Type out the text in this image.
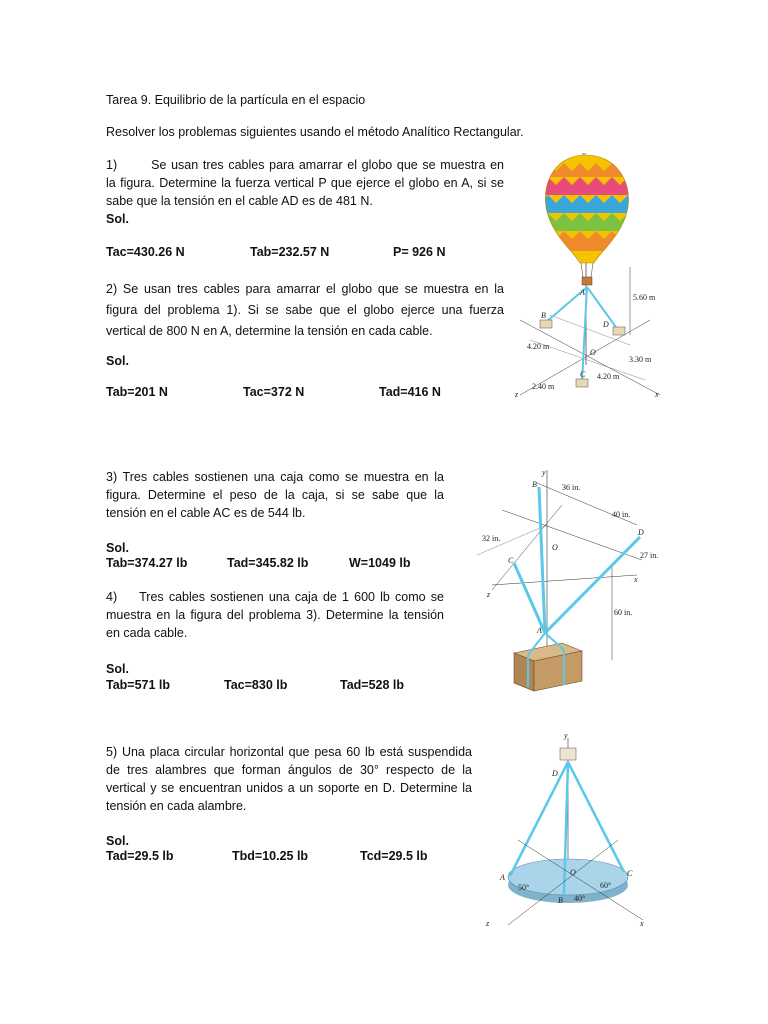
Tarea 9. Equilibrio de la partícula en el espacio
Resolver los problemas siguientes usando el método Analítico Rectangular.
1)	Se usan tres cables para amarrar el globo que se muestra en la figura. Determine la fuerza vertical P que ejerce el globo en A, si se sabe que la tensión en el cable AD es de 481 N.
Sol.
Tac=430.26 N	Tab=232.57 N	P= 926 N
2) Se usan tres cables para amarrar el globo que se muestra en la figura del problema 1). Si se sabe que el globo ejerce una fuerza vertical de 800 N en A, determine la tensión en cada cable.
Sol.
Tab=201 N	Tac=372 N	Tad=416 N
3) Tres cables sostienen una caja como se muestra en la figura. Determine el peso de la caja, si se sabe que la tensión en el cable AC es de 544 lb.
Sol.
Tab=374.27 lb	Tad=345.82 lb	W=1049 lb
4) Tres cables sostienen una caja de 1 600 lb como se muestra en la figura del problema 3). Determine la tensión en cada cable.
Sol.
Tab=571 lb	Tac=830 lb	Tad=528 lb
5) Una placa circular horizontal que pesa 60 lb está suspendida de tres alambres que forman ángulos de 30° respecto de la vertical y se encuentran unidos a un soporte en D. Determine la tensión en cada alambre.
Sol.
Tad=29.5 lb	Tbd=10.25 lb	Tcd=29.5 lb
y
5.60 m
x
z
A
B
D
C
O
4.20 m
3.30 m
4.20 m
2.40 m
y
x
z
36 in.
40 in.
32 in.
27 in.
60 in.
B
C
D
O
A
y
D
A	C
B
O
50°	60°
40°
z	x
